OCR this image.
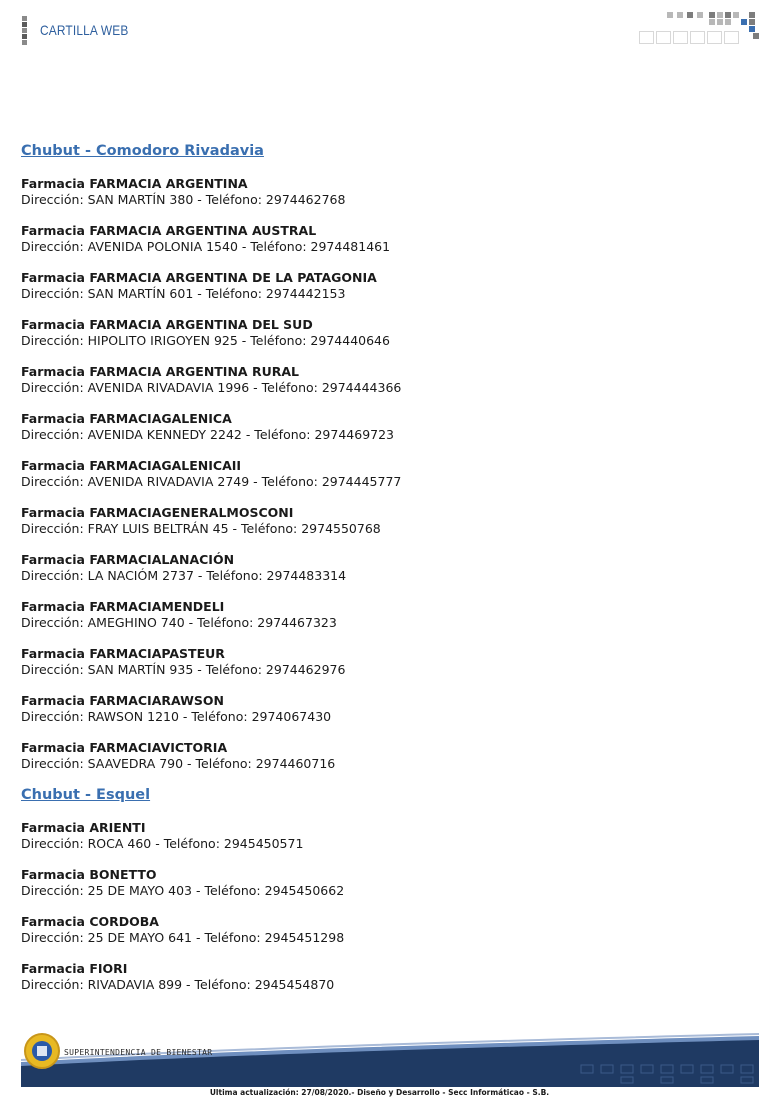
CARTILLA WEB
Chubut - Comodoro Rivadavia
Farmacia FARMACIA ARGENTINA
Dirección: SAN MARTÍN 380 - Teléfono: 2974462768
Farmacia FARMACIA ARGENTINA AUSTRAL
Dirección: AVENIDA POLONIA 1540 - Teléfono: 2974481461
Farmacia FARMACIA ARGENTINA DE LA PATAGONIA
Dirección: SAN MARTÍN 601 - Teléfono: 2974442153
Farmacia FARMACIA ARGENTINA DEL SUD
Dirección: HIPOLITO IRIGOYEN 925 - Teléfono: 2974440646
Farmacia FARMACIA ARGENTINA RURAL
Dirección: AVENIDA RIVADAVIA 1996 - Teléfono: 2974444366
Farmacia FARMACIAGALENICA
Dirección: AVENIDA KENNEDY 2242 - Teléfono: 2974469723
Farmacia FARMACIAGALENICAII
Dirección: AVENIDA RIVADAVIA 2749 - Teléfono: 2974445777
Farmacia FARMACIAGENERALMOSCONI
Dirección: FRAY LUIS BELTRÁN 45 - Teléfono: 2974550768
Farmacia FARMACIALANACIÓN
Dirección: LA NACIÓM 2737 - Teléfono: 2974483314
Farmacia FARMACIAMENDELI
Dirección: AMEGHINO 740 - Teléfono: 2974467323
Farmacia FARMACIAPASTEUR
Dirección: SAN MARTÍN 935 - Teléfono: 2974462976
Farmacia FARMACIARAWSON
Dirección: RAWSON 1210 - Teléfono: 2974067430
Farmacia FARMACIAVICTORIA
Dirección: SAAVEDRA 790 - Teléfono: 2974460716
Chubut - Esquel
Farmacia ARIENTI
Dirección: ROCA 460 - Teléfono: 2945450571
Farmacia BONETTO
Dirección: 25 DE MAYO 403 - Teléfono: 2945450662
Farmacia CORDOBA
Dirección: 25 DE MAYO 641 - Teléfono: 2945451298
Farmacia FIORI
Dirección: RIVADAVIA 899 - Teléfono: 2945454870
SUPERINTENDENCIA DE BIENESTAR
Ultima actualización: 27/08/2020.- Diseño y Desarrollo - Secc Informáticao - S.B.
